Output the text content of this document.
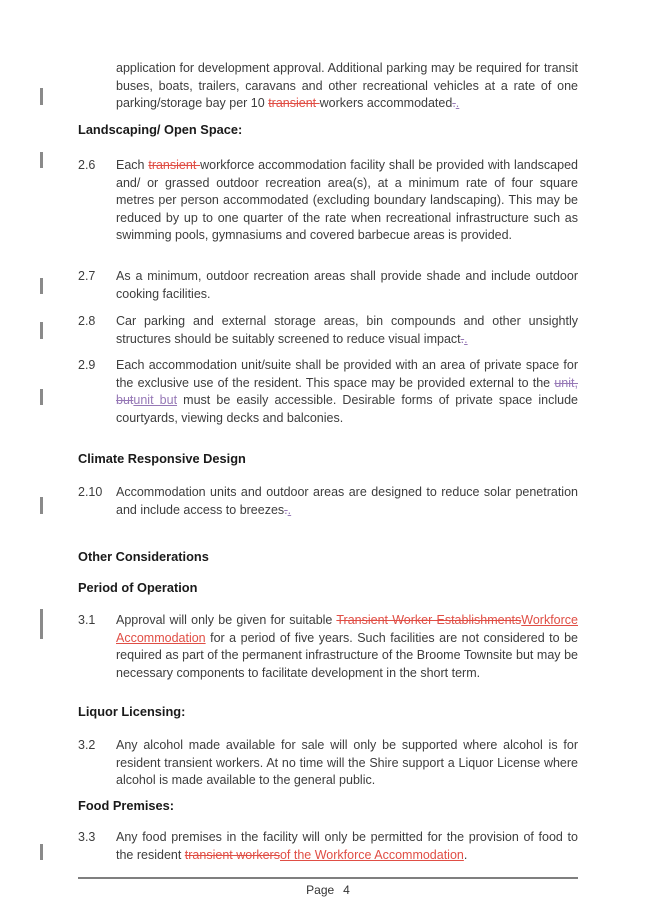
application for development approval. Additional parking may be required for transit buses, boats, trailers, caravans and other recreational vehicles at a rate of one parking/storage bay per 10 transient workers accommodated..
Landscaping/ Open Space:
2.6 Each transient workforce accommodation facility shall be provided with landscaped and/ or grassed outdoor recreation area(s), at a minimum rate of four square metres per person accommodated (excluding boundary landscaping). This may be reduced by up to one quarter of the rate when recreational infrastructure such as swimming pools, gymnasiums and covered barbecue areas is provided.
2.7 As a minimum, outdoor recreation areas shall provide shade and include outdoor cooking facilities.
2.8 Car parking and external storage areas, bin compounds and other unsightly structures should be suitably screened to reduce visual impact..
2.9 Each accommodation unit/suite shall be provided with an area of private space for the exclusive use of the resident. This space may be provided external to the unit, butunit but must be easily accessible. Desirable forms of private space include courtyards, viewing decks and balconies.
Climate Responsive Design
2.10 Accommodation units and outdoor areas are designed to reduce solar penetration and include access to breezes..
Other Considerations
Period of Operation
3.1 Approval will only be given for suitable Transient Worker EstablishmentsWorkforce Accommodation for a period of five years. Such facilities are not considered to be required as part of the permanent infrastructure of the Broome Townsite but may be necessary components to facilitate development in the short term.
Liquor Licensing:
3.2 Any alcohol made available for sale will only be supported where alcohol is for resident transient workers. At no time will the Shire support a Liquor License where alcohol is made available to the general public.
Food Premises:
3.3 Any food premises in the facility will only be permitted for the provision of food to the resident transient workersof the Workforce Accommodation.
Page 4
